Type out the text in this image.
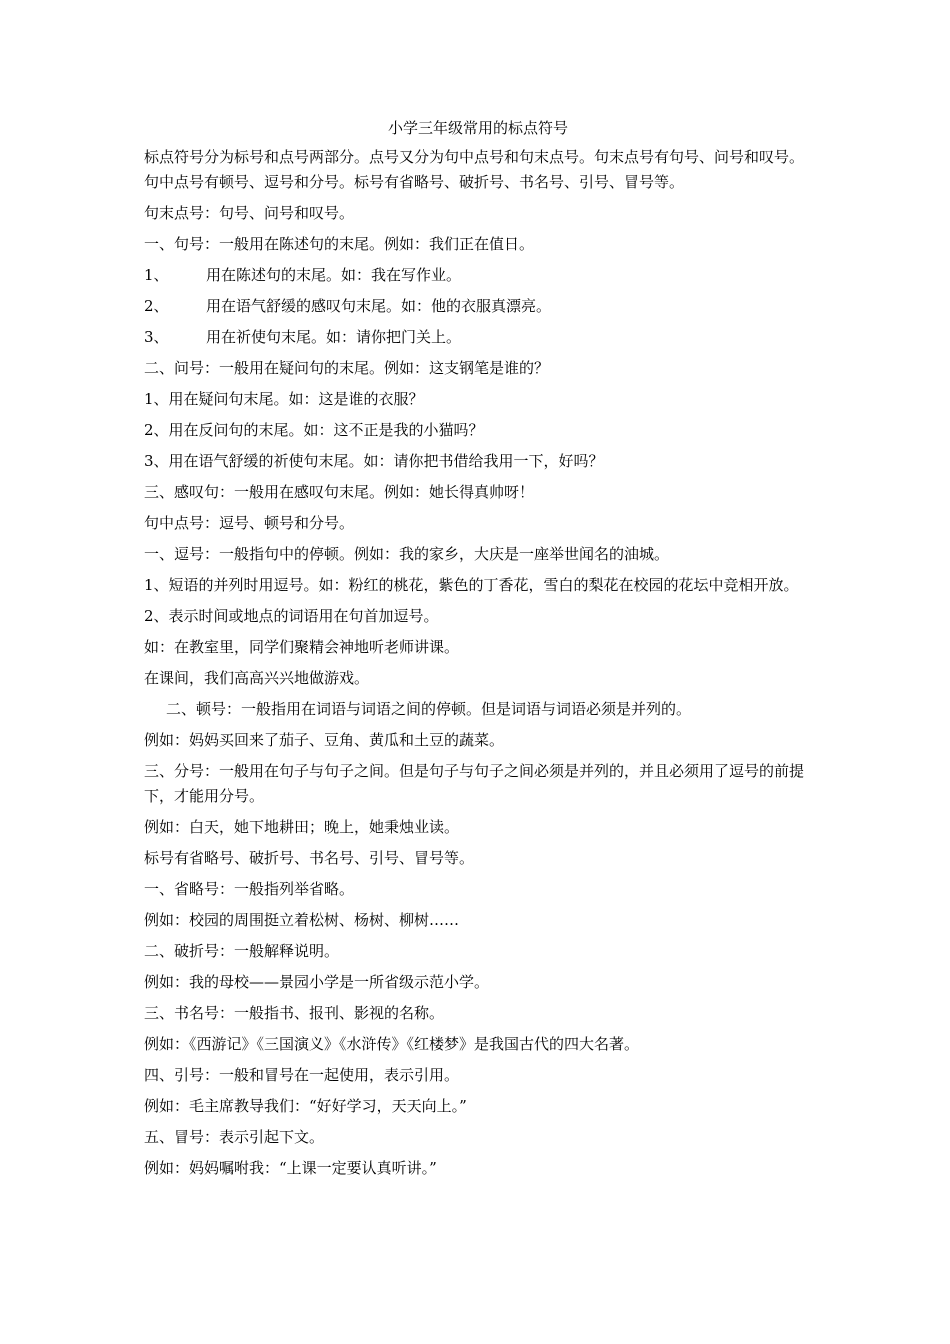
小学三年级常用的标点符号
标点符号分为标号和点号两部分。点号又分为句中点号和句末点号。句末点号有句号、问号和叹号。句中点号有顿号、逗号和分号。标号有省略号、破折号、书名号、引号、冒号等。
句末点号：句号、问号和叹号。
一、句号：一般用在陈述句的末尾。例如：我们正在值日。
1、 用在陈述句的末尾。如：我在写作业。
2、 用在语气舒缓的感叹句末尾。如：他的衣服真漂亮。
3、 用在祈使句末尾。如：请你把门关上。
二、问号：一般用在疑问句的末尾。例如：这支钢笔是谁的？
1、用在疑问句末尾。如：这是谁的衣服？
2、用在反问句的末尾。如：这不正是我的小猫吗？
3、用在语气舒缓的祈使句末尾。如：请你把书借给我用一下，好吗？
三、感叹句：一般用在感叹句末尾。例如：她长得真帅呀！
句中点号：逗号、顿号和分号。
一、逗号：一般指句中的停顿。例如：我的家乡，大庆是一座举世闻名的油城。
1、短语的并列时用逗号。如：粉红的桃花，紫色的丁香花，雪白的梨花在校园的花坛中竞相开放。
2、表示时间或地点的词语用在句首加逗号。
如：在教室里，同学们聚精会神地听老师讲课。
在课间，我们高高兴兴地做游戏。
二、顿号：一般指用在词语与词语之间的停顿。但是词语与词语必须是并列的。
例如：妈妈买回来了茄子、豆角、黄瓜和土豆的蔬菜。
三、分号：一般用在句子与句子之间。但是句子与句子之间必须是并列的，并且必须用了逗号的前提下，才能用分号。
例如：白天，她下地耕田；晚上，她秉烛业读。
标号有省略号、破折号、书名号、引号、冒号等。
一、省略号：一般指列举省略。
例如：校园的周围挺立着松树、杨树、柳树……
二、破折号：一般解释说明。
例如：我的母校——景园小学是一所省级示范小学。
三、书名号：一般指书、报刊、影视的名称。
例如：《西游记》《三国演义》《水浒传》《红楼梦》是我国古代的四大名著。
四、引号：一般和冒号在一起使用，表示引用。
例如：毛主席教导我们：“好好学习，天天向上。”
五、冒号：表示引起下文。
例如：妈妈嘱咐我：“上课一定要认真听讲。”
